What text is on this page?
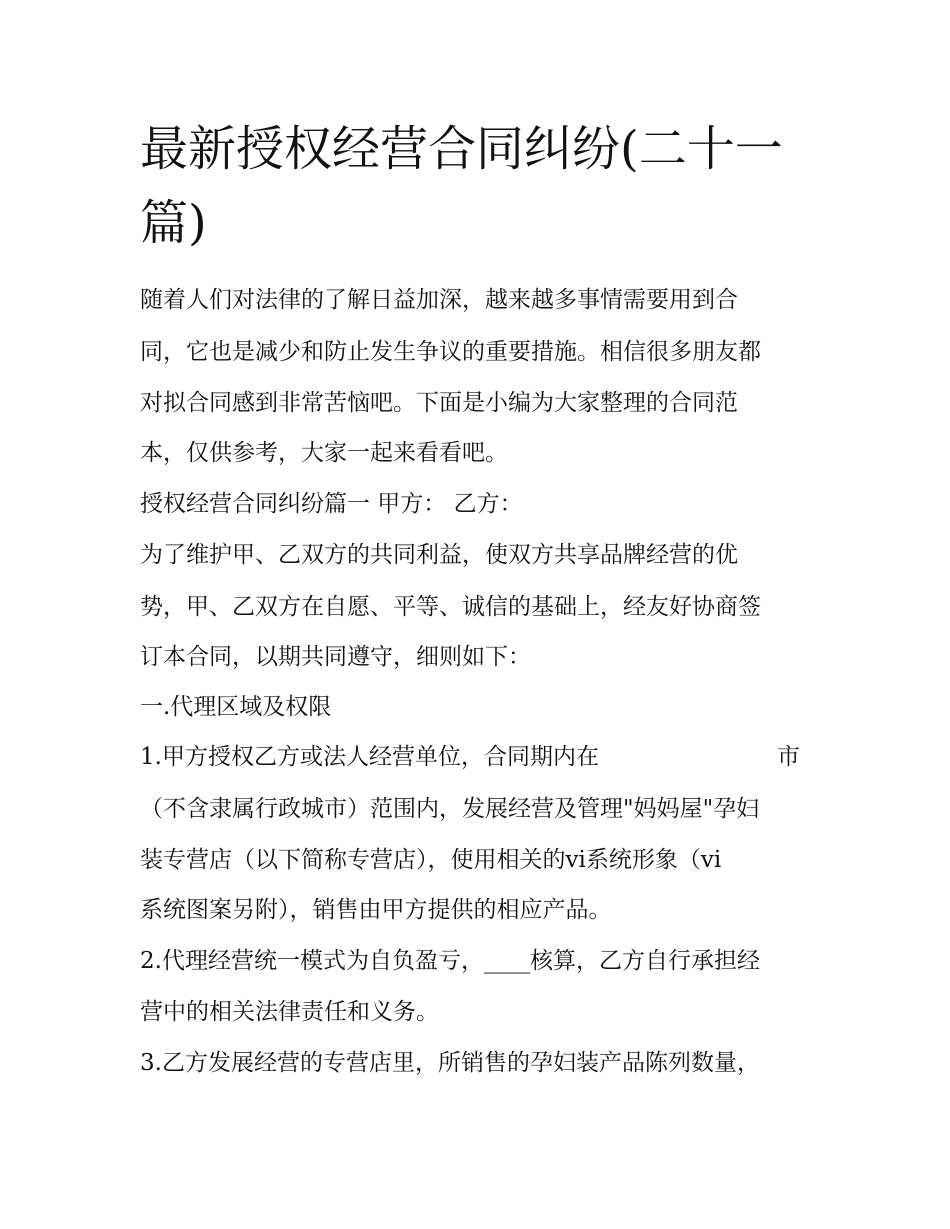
最新授权经营合同纠纷(二十一
篇)

随着人们对法律的了解日益加深，越来越多事情需要用到合

同，它也是减少和防止发生争议的重要措施。相信很多朋友都

对拟合同感到非常苦恼吧。下面是小编为大家整理的合同范

本，仅供参考，大家一起来看看吧。

授权经营合同纠纷篇一 甲方： 乙方：

为了维护甲、乙双方的共同利益，使双方共享品牌经营的优

势，甲、乙双方在自愿、平等、诚信的基础上，经友好协商签

订本合同，以期共同遵守，细则如下：

一.代理区域及权限

1.甲方授权乙方或法人经营单位，合同期内在	市

（不含隶属行政城市）范围内，发展经营及管理"妈妈屋"孕妇

装专营店（以下简称专营店），使用相关的vi系统形象（vi

系统图案另附），销售由甲方提供的相应产品。

2.代理经营统一模式为自负盈亏，____核算，乙方自行承担经

营中的相关法律责任和义务。

3.乙方发展经营的专营店里，所销售的孕妇装产品陈列数量，
